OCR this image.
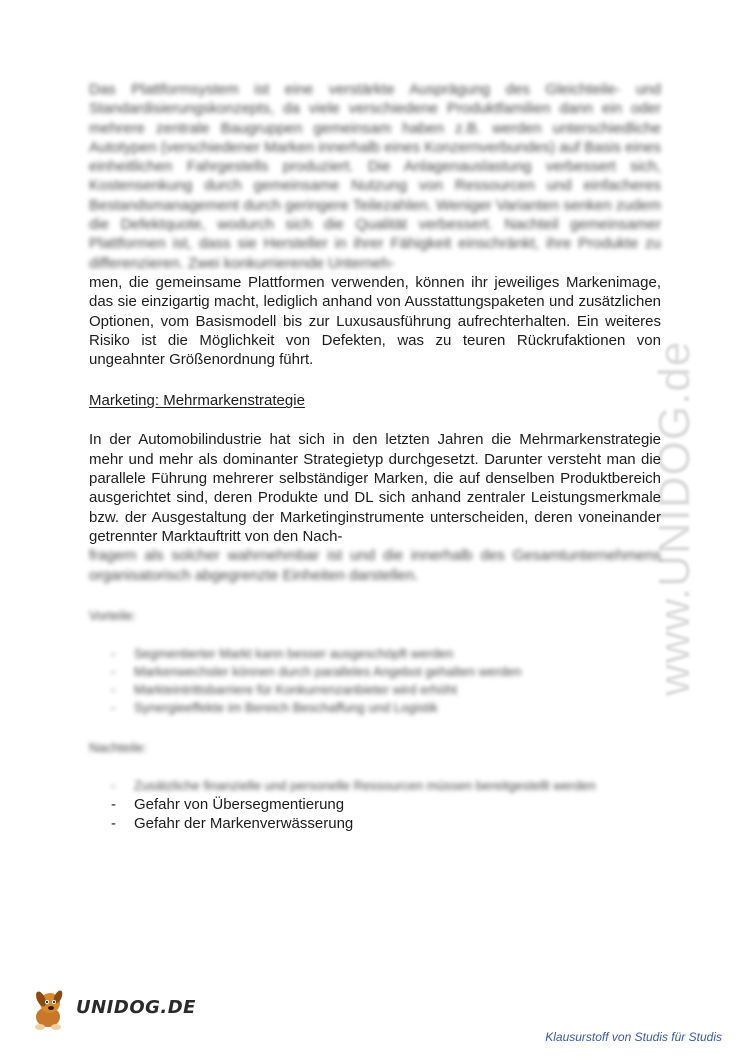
www.UNIDOG.de

Das Plattformsystem ist eine verstärkte Ausprägung des Gleichteile- und Standardisierungskonzepts, da viele verschiedene Produktfamilien dann ein oder mehrere zentrale Baugruppen gemeinsam haben z.B. werden unterschiedliche Autotypen (verschiedener Marken innerhalb eines Konzernverbundes) auf Basis eines einheitlichen Fahrgestells produziert. Die Anlagenauslastung verbessert sich, Kostensenkung durch gemeinsame Nutzung von Ressourcen und einfacheres Bestandsmanagement durch geringere Teilezahlen. Weniger Varianten senken zudem die Defektquote, wodurch sich die Qualität verbessert. Nachteil gemeinsamer Plattformen ist, dass sie Hersteller in ihrer Fähigkeit einschränkt, ihre Produkte zu differenzieren. Zwei konkurrierende Unterneh-

men, die gemeinsame Plattformen verwenden, können ihr jeweiliges Markenimage, das sie einzigartig macht, lediglich anhand von Ausstattungspaketen und zusätzlichen Optionen, vom Basismodell bis zur Luxusausführung aufrechterhalten. Ein weiteres Risiko ist die Möglichkeit von Defekten, was zu teuren Rückrufaktionen von ungeahnter Größenordnung führt.

Marketing: Mehrmarkenstrategie

In der Automobilindustrie hat sich in den letzten Jahren die Mehrmarkenstrategie mehr und mehr als dominanter Strategietyp durchgesetzt. Darunter versteht man die parallele Führung mehrerer selbständiger Marken, die auf denselben Produktbereich ausgerichtet sind, deren Produkte und DL sich anhand zentraler Leistungsmerkmale bzw. der Ausgestaltung der Marketinginstrumente unterscheiden, deren voneinander getrennter Marktauftritt von den Nach-

fragern als solcher wahrnehmbar ist und die innerhalb des Gesamtunternehmens organisatorisch abgegrenzte Einheiten darstellen.

Vorteile:

- Segmentierter Markt kann besser ausgeschöpft werden
- Markenwechsler können durch paralleles Angebot gehalten werden
- Markteintrittsbarriere für Konkurrenzanbieter wird erhöht
- Synergieeffekte im Bereich Beschaffung und Logistik

Nachteile:

- Zusätzliche finanzielle und personelle Ressourcen müssen bereitgestellt werden
- Gefahr von Übersegmentierung
- Gefahr der Markenverwässerung
UNIDOG.DE
Klausurstoff von Studis für Studis
